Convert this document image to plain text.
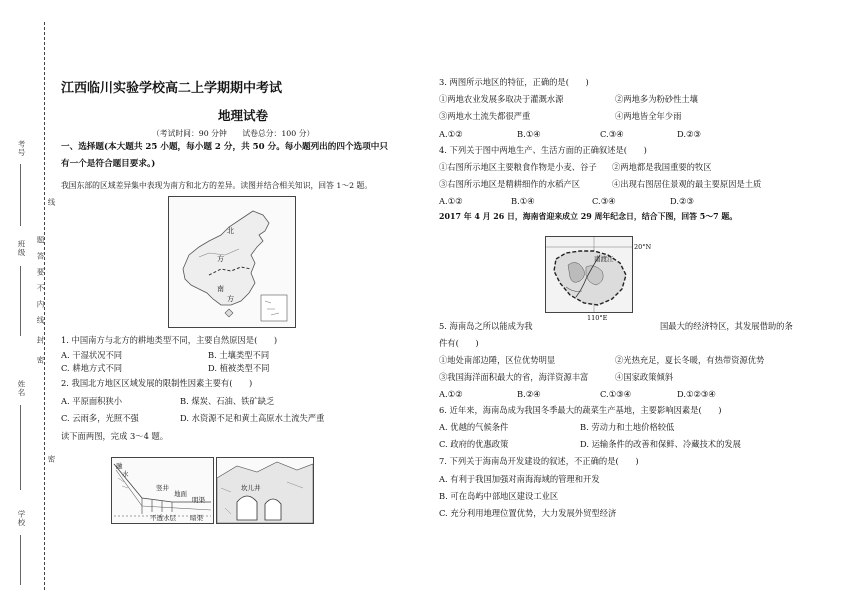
考号
班级
姓名
学校
线
题
答
要
不
内
线
封
密
密
江西临川实验学校高二上学期期中考试
地理试卷
（考试时间：90 分钟　　试卷总分：100 分）
一、选择题(本大题共 25 小题，每小题 2 分，共 50 分。每小题列出的四个选项中只
有一个是符合题目要求。)
我国东部的区域差异集中表现为南方和北方的差异。读图并结合相关知识，回答 1～2 题。
北
方
南
方
1. 中国南方与北方的耕地类型不同，主要自然原因是(　　)
A. 干湿状况不同	B. 土壤类型不同
C. 耕地方式不同	D. 植被类型不同
2. 我国北方地区区域发展的限制性因素主要有(　　)
A. 平原面积狭小	B. 煤炭、石油、铁矿缺乏
C. 云雨多，光照不强	D. 水资源不足和黄土高原水土流失严重
读下面两图，完成 3～4 题。
融
水
竖井
地面
明渠
不透水层 暗渠
坎儿井
3. 两图所示地区的特征，正确的是(　　)
①两地农业发展多取决于灌溉水源	②两地多为粉砂性土壤
③两地水土流失都很严重	④两地皆全年少雨
A.①②	B.①④	C.③④	D.②③
4. 下列关于图中两地生产、生活方面的正确叙述是(　　)
①右图所示地区主要粮食作物是小麦、谷子 ②两地都是我国重要的牧区
③右图所示地区是精耕细作的水稻产区	④出现右图居住景观的最主要原因是土质
A.①②	B.①④	C.③④	D.②③
2017 年 4 月 26 日，海南省迎来成立 29 周年纪念日，结合下图，回答 5～7 题。
南渡江
20°N
110°E
5. 海南岛之所以能成为我	国最大的经济特区，其发展借助的条
件有(　　)
①地处南部边陲，区位优势明显	②光热充足，夏长冬暖，有热带资源优势
③我国海洋面积最大的省，海洋资源丰富	④国家政策倾斜
A.①②	B.②④	C.①③④	D.①②③④
6. 近年来，海南岛成为我国冬季最大的蔬菜生产基地，主要影响因素是(　　)
A. 优越的气候条件	B. 劳动力和土地价格较低
C. 政府的优惠政策	D. 运输条件的改善和保鲜、冷藏技术的发展
7. 下列关于海南岛开发建设的叙述，不正确的是(　　)
A. 有利于我国加强对南海海域的管理和开发
B. 可在岛屿中部地区建设工业区
C. 充分利用地理位置优势，大力发展外贸型经济
